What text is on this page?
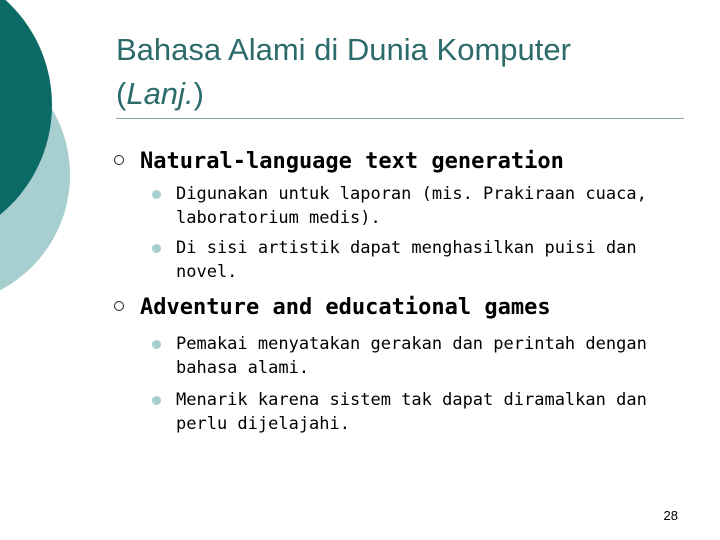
Bahasa Alami di Dunia Komputer
(Lanj.)
Natural-language text generation
Digunakan untuk laporan (mis. Prakiraan cuaca, laboratorium medis).
Di sisi artistik dapat menghasilkan puisi dan novel.
Adventure and educational games
Pemakai menyatakan gerakan dan perintah dengan bahasa alami.
Menarik karena sistem tak dapat diramalkan dan perlu dijelajahi.
28
